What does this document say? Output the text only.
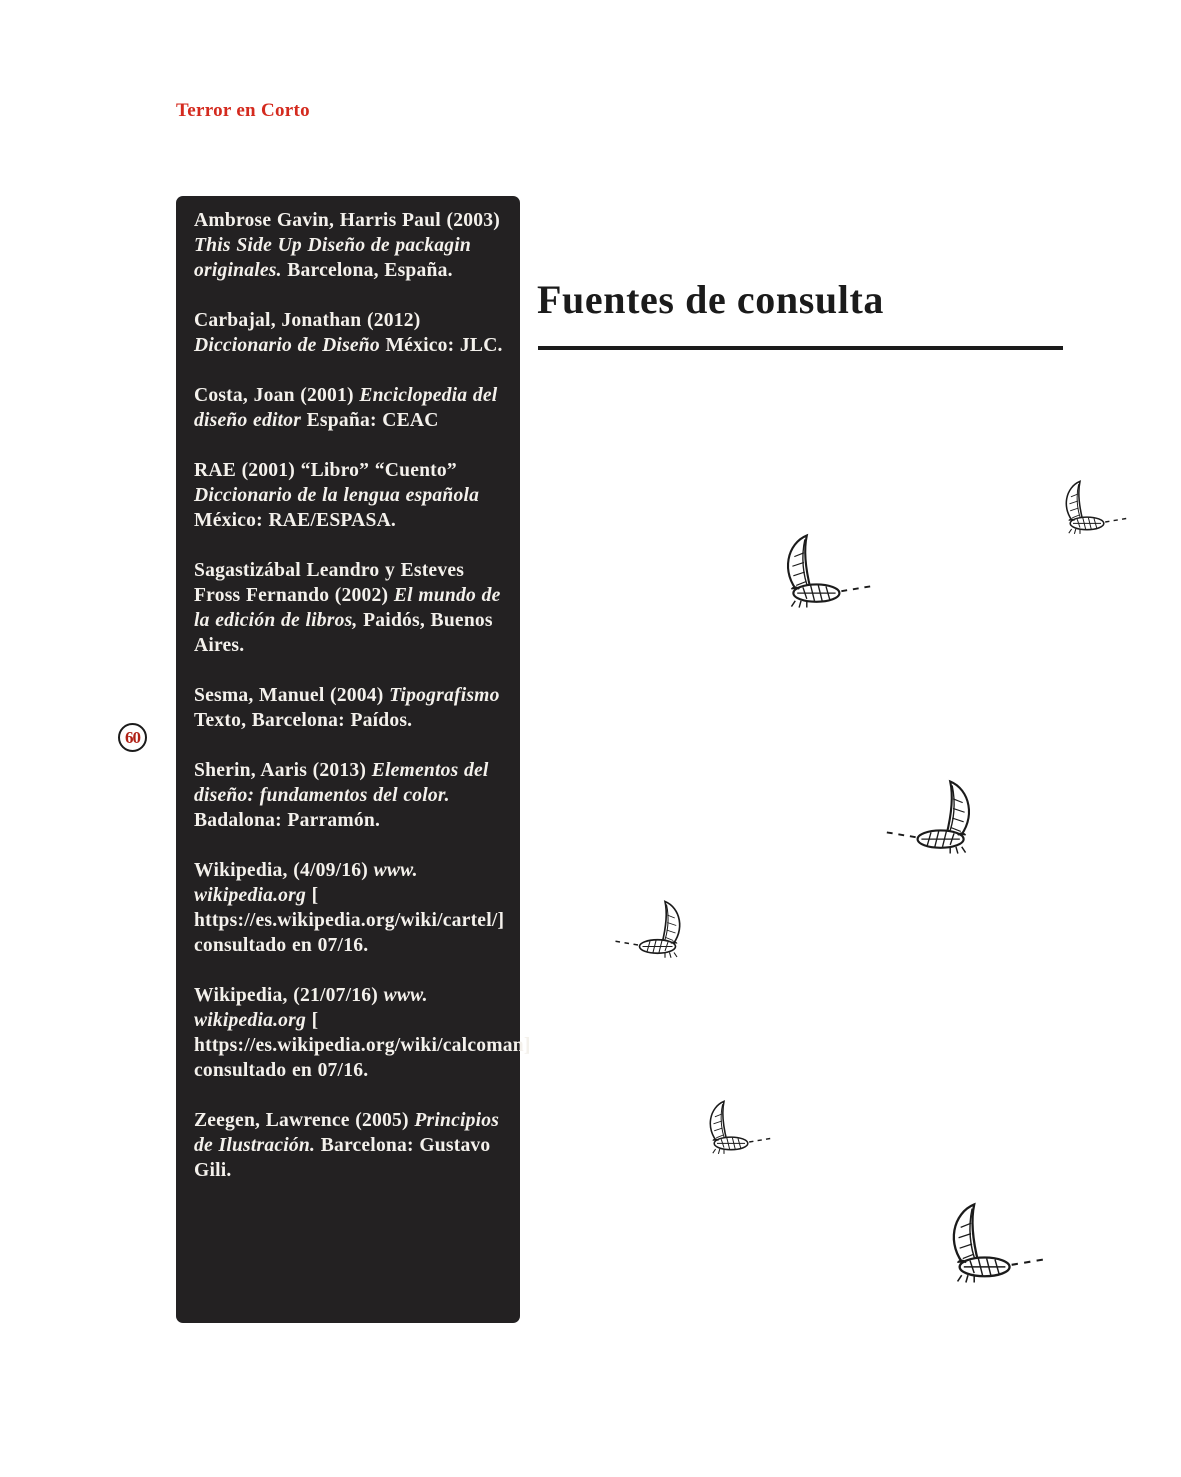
Terror en Corto

Ambrose Gavin, Harris Paul (2003) This Side Up Diseño de packagin originales. Barcelona, España.

Carbajal, Jonathan (2012) Diccionario de Diseño México: JLC.

Costa, Joan (2001) Enciclopedia del diseño editor España: CEAC

RAE (2001) “Libro” “Cuento” Diccionario de la lengua española México: RAE/ESPASA.

Sagastizábal Leandro y Esteves Fross Fernando (2002) El mundo de la edición de libros, Paidós, Buenos Aires.

Sesma, Manuel (2004) Tipografismo Texto, Barcelona: Paídos.

Sherin, Aaris (2013) Elementos del diseño: fundamentos del color. Badalona: Parramón.

Wikipedia, (4/09/16) www. wikipedia.org [ https://es.wikipedia.org/wiki/cartel/] consultado en 07/16.

Wikipedia, (21/07/16) www. wikipedia.org [ https://es.wikipedia.org/wiki/calcoman] consultado en 07/16.

Zeegen, Lawrence (2005) Principios de Ilustración. Barcelona: Gustavo Gili.

Fuentes de consulta
60
